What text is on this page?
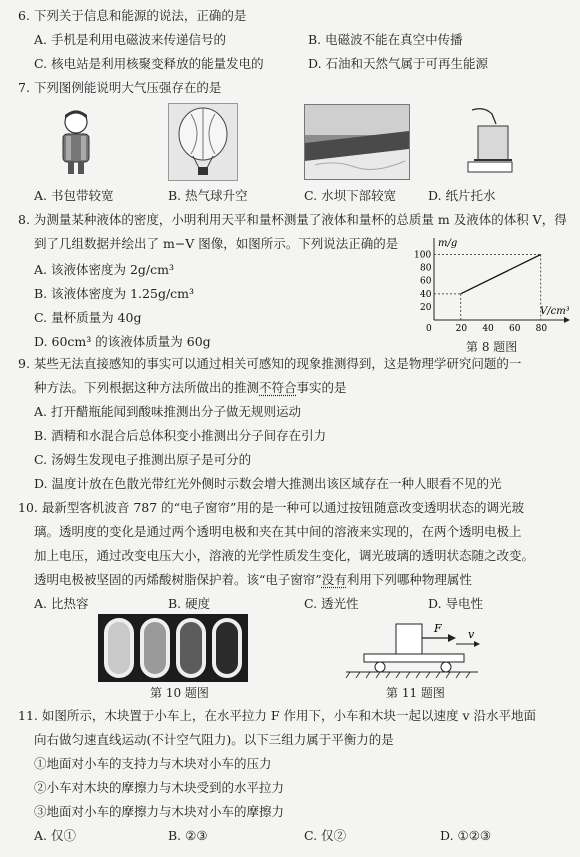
6. 下列关于信息和能源的说法，正确的是
A. 手机是利用电磁波来传递信号的	B. 电磁波不能在真空中传播
C. 核电站是利用核聚变释放的能量发电的	D. 石油和天然气属于可再生能源
7. 下列图例能说明大气压强存在的是
A. 书包带较宽	B. 热气球升空	C. 水坝下部较宽	D. 纸片托水
8. 为测量某种液体的密度，小明利用天平和量杯测量了液体和量杯的总质量 m 及液体的体积 V，得
到了几组数据并绘出了 m−V 图像，如图所示。下列说法正确的是
A. 该液体密度为 2g/cm³
B. 该液体密度为 1.25g/cm³
C. 量杯质量为 40g
D. 60cm³ 的该液体质量为 60g
0	20 40 60 80
20
40
60
80
100
m/g
V/cm³
第 8 题图
9. 某些无法直接感知的事实可以通过相关可感知的现象推测得到，这是物理学研究问题的一
种方法。下列根据这种方法所做出的推测不符合事实的是
A. 打开醋瓶能闻到酸味推测出分子做无规则运动
B. 酒精和水混合后总体积变小推测出分子间存在引力
C. 汤姆生发现电子推测出原子是可分的
D. 温度计放在色散光带红光外侧时示数会增大推测出该区域存在一种人眼看不见的光
10. 最新型客机波音 787 的“电子窗帘”用的是一种可以通过按钮随意改变透明状态的调光玻
璃。透明度的变化是通过两个透明电极和夹在其中间的溶液来实现的，在两个透明电极上
加上电压，通过改变电压大小，溶液的光学性质发生变化，调光玻璃的透明状态随之改变。
透明电极被坚固的丙烯酸树脂保护着。该“电子窗帘”没有利用下列哪种物理属性
A. 比热容	B. 硬度	C. 透光性	D. 导电性
第 10 题图
F v
第 11 题图
11. 如图所示，木块置于小车上，在水平拉力 F 作用下，小车和木块一起以速度 v 沿水平地面
向右做匀速直线运动(不计空气阻力)。以下三组力属于平衡力的是
①地面对小车的支持力与木块对小车的压力
②小车对木块的摩擦力与木块受到的水平拉力
③地面对小车的摩擦力与木块对小车的摩擦力
A. 仅①	B. ②③	C. 仅②	D. ①②③
